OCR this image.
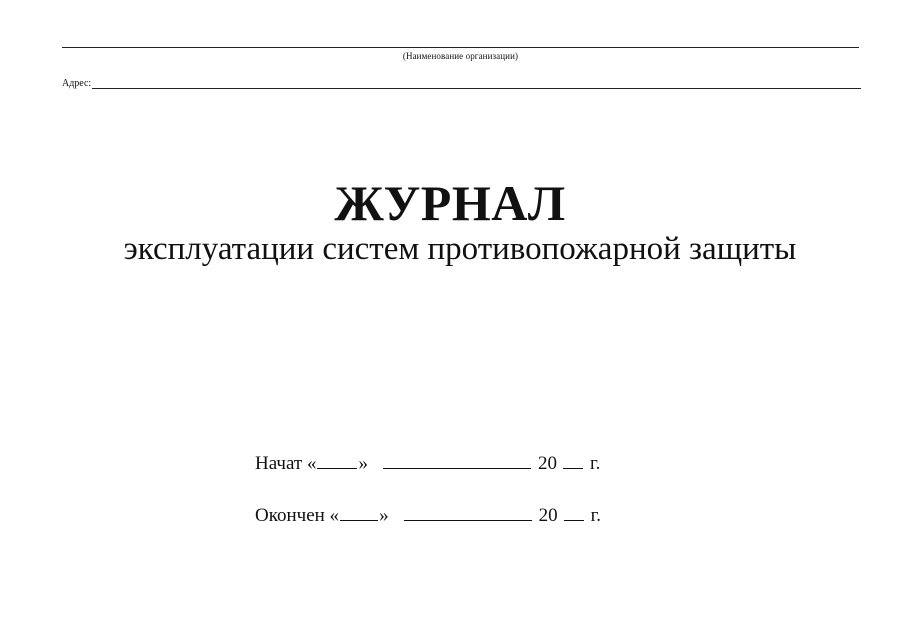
(Наименование организации)
Адрес:
ЖУРНАЛ
эксплуатации систем противопожарной защиты
Начат « »	20 г.
Окончен « »	20 г.
